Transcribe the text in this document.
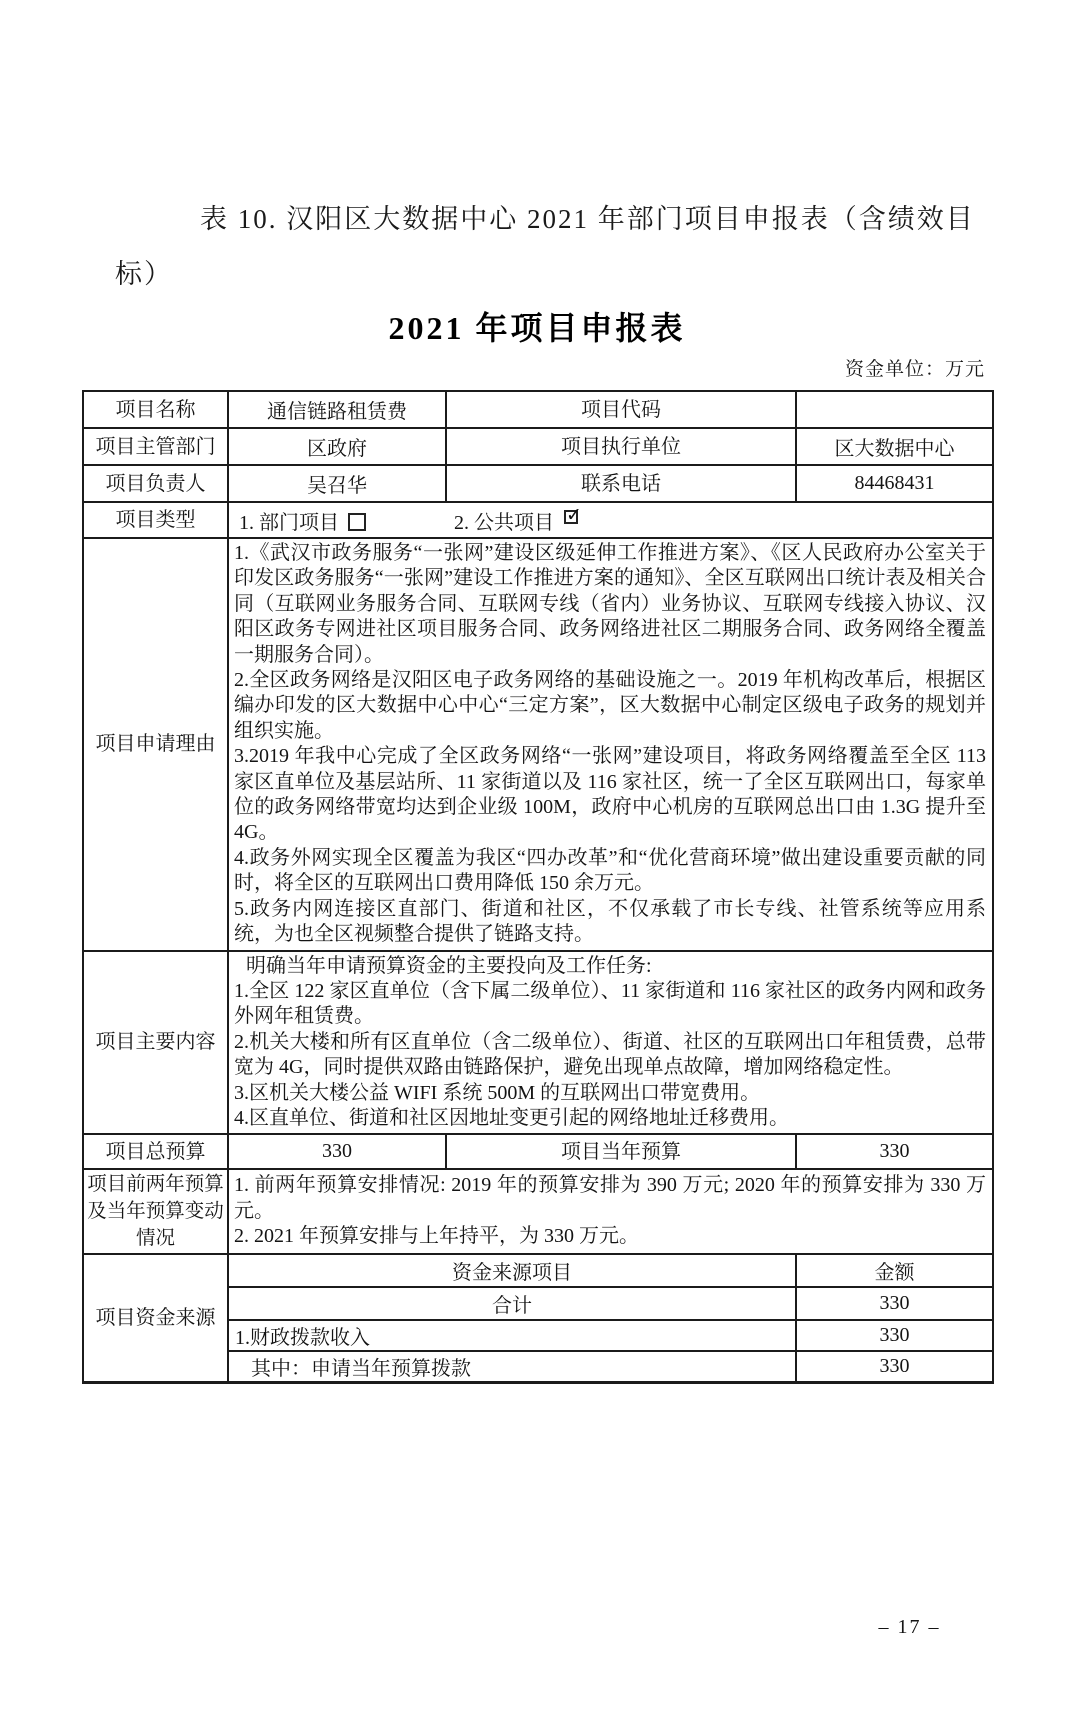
表 10. 汉阳区大数据中心 2021 年部门项目申报表（含绩效目
标）
2021 年项目申报表
资金单位：万元
项目名称	通信链路租赁费	项目代码	
项目主管部门	区政府	项目执行单位	区大数据中心
项目负责人	吴召华	联系电话	84468431
项目类型	1. 部门项目 2. 公共项目✓
项目申请理由	1.《武汉市政务服务“一张网”建设区级延伸工作推进方案》、《区人民政府办公室关于印发区政务服务“一张网”建设工作推进方案的通知》、全区互联网出口统计表及相关合同（互联网业务服务合同、互联网专线（省内）业务协议、互联网专线接入协议、汉阳区政务专网进社区项目服务合同、政务网络进社区二期服务合同、政务网络全覆盖一期服务合同）。
2.全区政务网络是汉阳区电子政务网络的基础设施之一。2019 年机构改革后，根据区编办印发的区大数据中心中心“三定方案”，区大数据中心制定区级电子政务的规划并组织实施。
3.2019 年我中心完成了全区政务网络“一张网”建设项目，将政务网络覆盖至全区 113 家区直单位及基层站所、11 家街道以及 116 家社区，统一了全区互联网出口，每家单位的政务网络带宽均达到企业级 100M，政府中心机房的互联网总出口由 1.3G 提升至 4G。
4.政务外网实现全区覆盖为我区“四办改革”和“优化营商环境”做出建设重要贡献的同时，将全区的互联网出口费用降低 150 余万元。
5.政务内网连接区直部门、街道和社区，不仅承载了市长专线、社管系统等应用系统，为也全区视频整合提供了链路支持。		

项目主要内容	明确当年申请预算资金的主要投向及工作任务:
1.全区 122 家区直单位（含下属二级单位）、11 家街道和 116 家社区的政务内网和政务外网年租赁费。
2.机关大楼和所有区直单位（含二级单位）、街道、社区的互联网出口年租赁费，总带宽为 4G，同时提供双路由链路保护，避免出现单点故障，增加网络稳定性。
3.区机关大楼公益 WIFI 系统 500M 的互联网出口带宽费用。
4.区直单位、街道和社区因地址变更引起的网络地址迁移费用。		

项目总预算	330	项目当年预算	330
项目前两年预算及当年预算变动情况	1. 前两年预算安排情况: 2019 年的预算安排为 390 万元; 2020 年的预算安排为 330 万元。
2. 2021 年预算安排与上年持平，为 330 万元。		

项目资金来源	资金来源项目		金额
	合计		330
	1.财政拨款收入		330
	其中：申请当年预算拨款		330
– 17 –
